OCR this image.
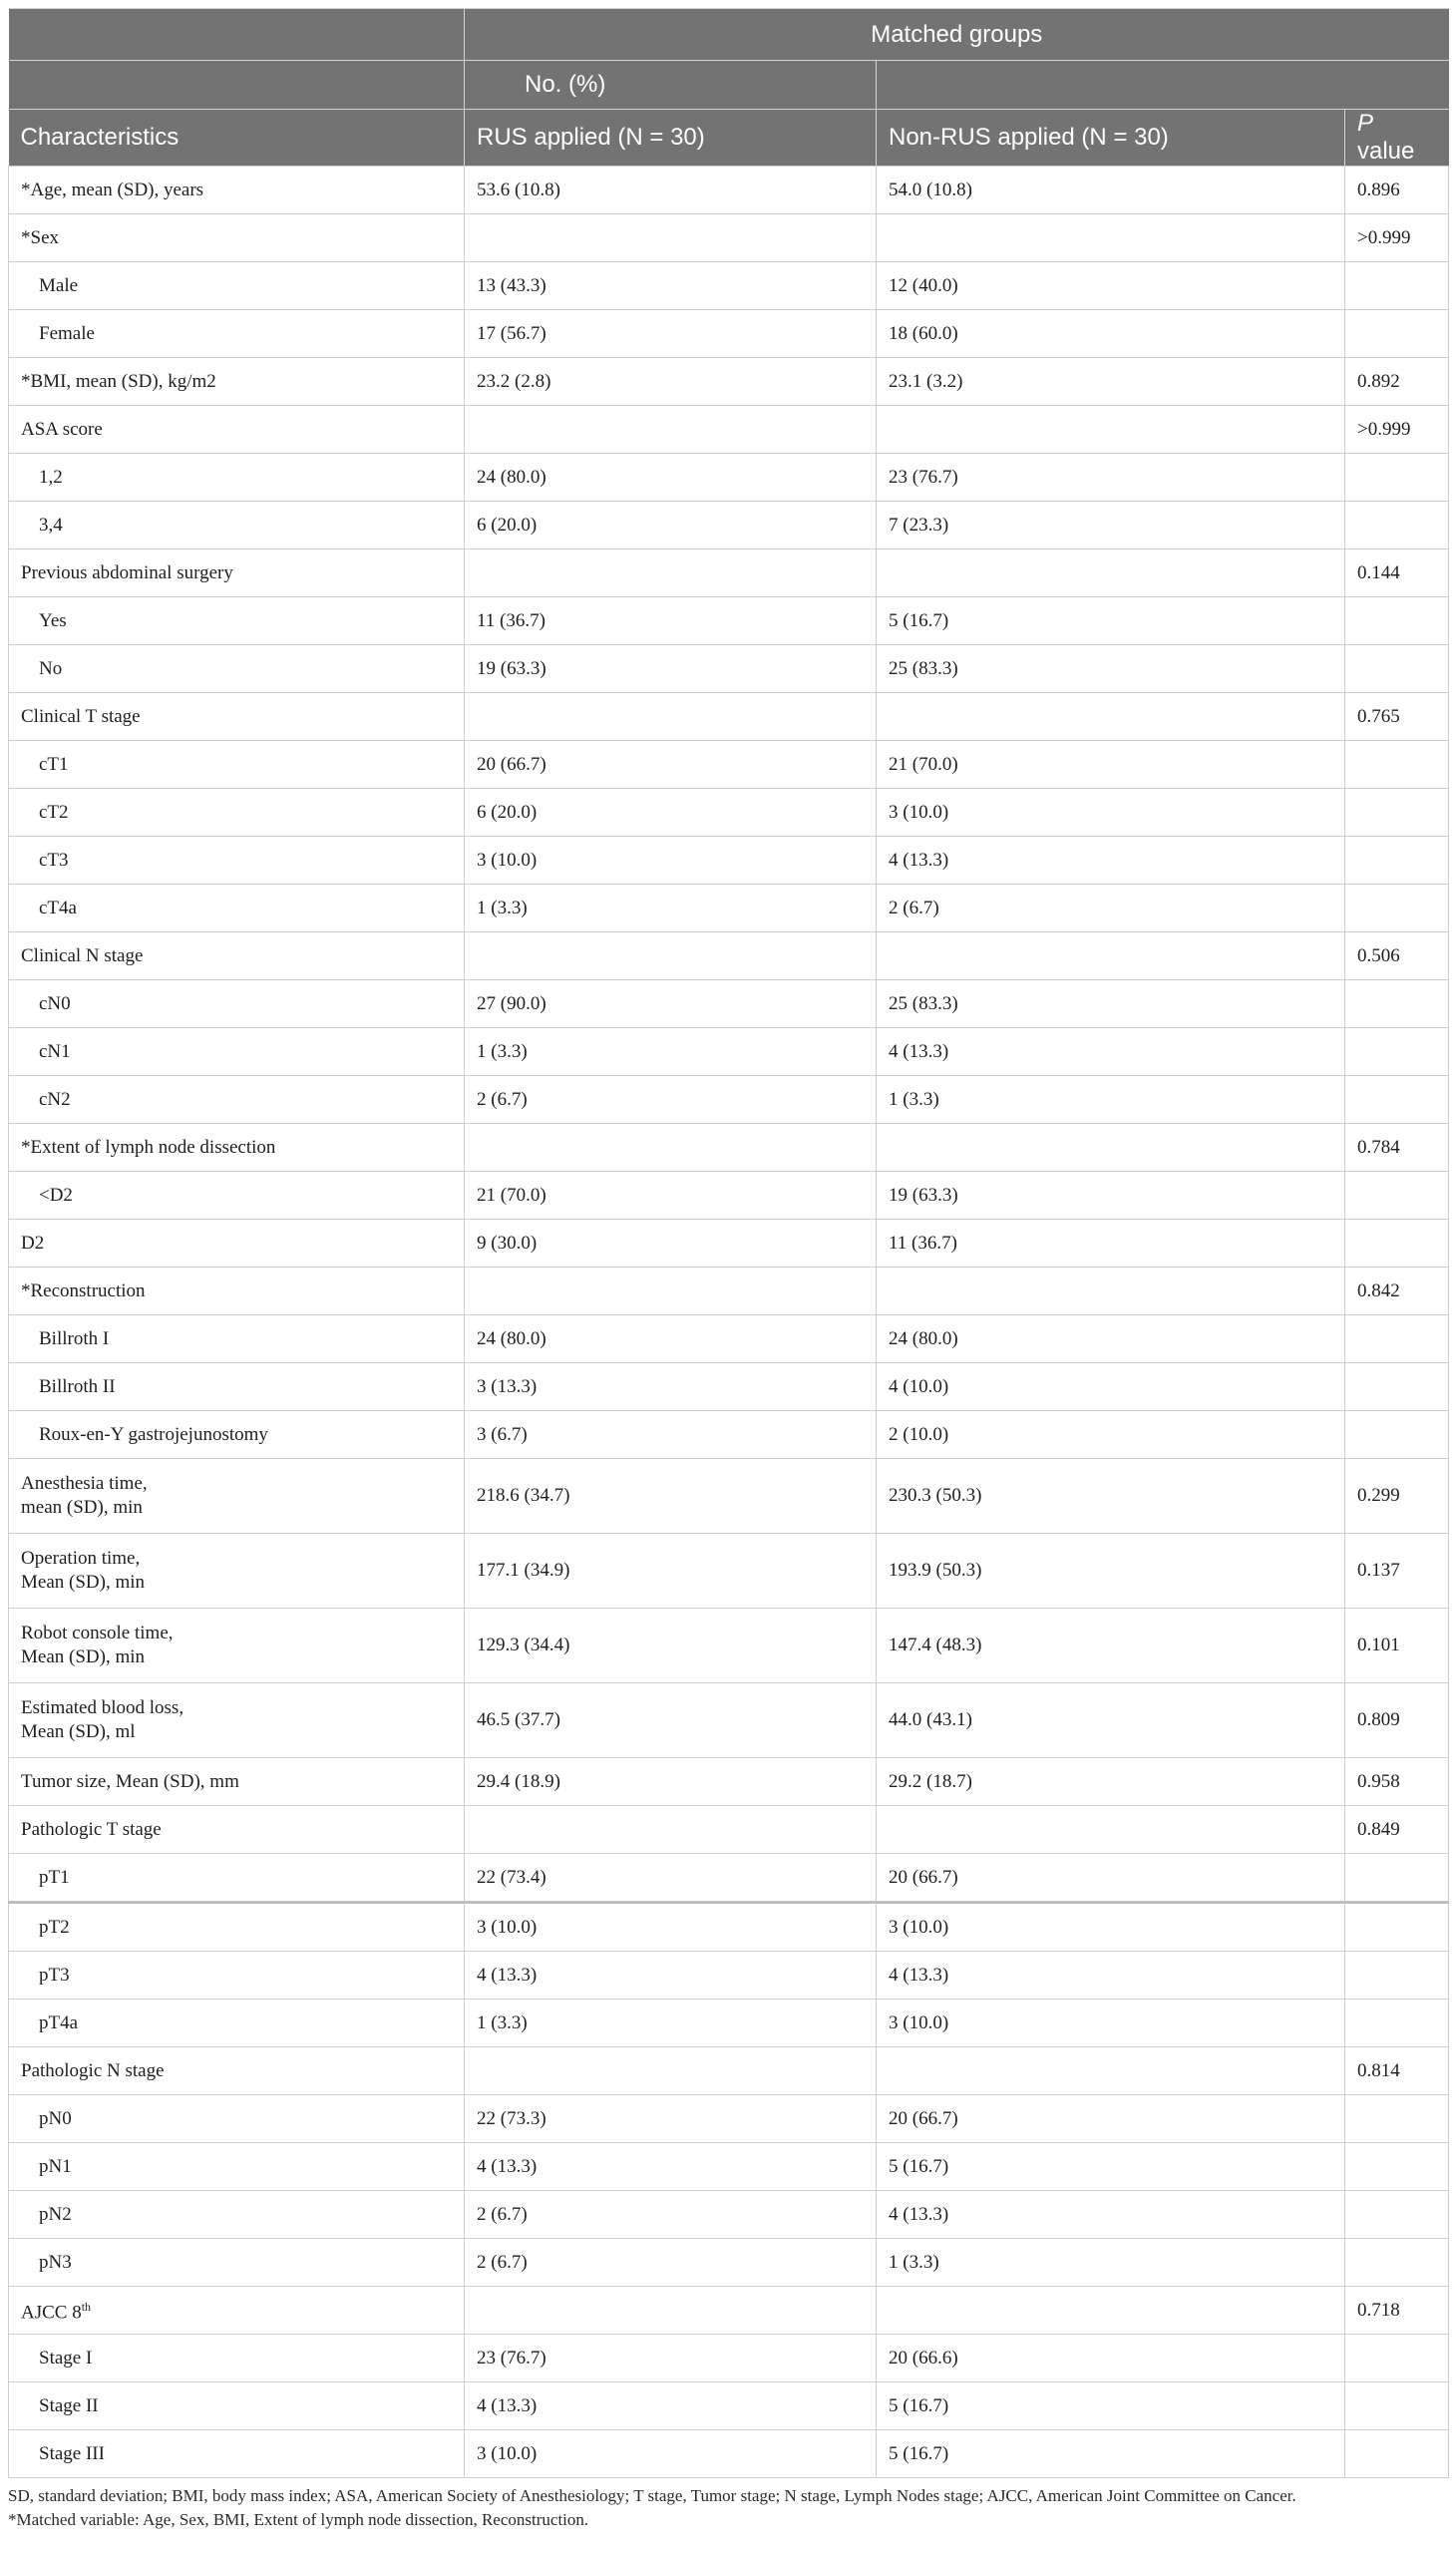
	Matched groups		
	No. (%)		
Characteristics	RUS applied (N = 30)	Non-RUS applied (N = 30)	P value
*Age, mean (SD), years	53.6 (10.8)	54.0 (10.8)	0.896
*Sex			>0.999
Male	13 (43.3)	12 (40.0)	
Female	17 (56.7)	18 (60.0)	
*BMI, mean (SD), kg/m2	23.2 (2.8)	23.1 (3.2)	0.892
ASA score			>0.999
1,2	24 (80.0)	23 (76.7)	
3,4	6 (20.0)	7 (23.3)	
Previous abdominal surgery			0.144
Yes	11 (36.7)	5 (16.7)	
No	19 (63.3)	25 (83.3)	
Clinical T stage			0.765
cT1	20 (66.7)	21 (70.0)	
cT2	6 (20.0)	3 (10.0)	
cT3	3 (10.0)	4 (13.3)	
cT4a	1 (3.3)	2 (6.7)	
Clinical N stage			0.506
cN0	27 (90.0)	25 (83.3)	
cN1	1 (3.3)	4 (13.3)	
cN2	2 (6.7)	1 (3.3)	
*Extent of lymph node dissection			0.784
<D2	21 (70.0)	19 (63.3)	
D2	9 (30.0)	11 (36.7)	
*Reconstruction			0.842
Billroth I	24 (80.0)	24 (80.0)	
Billroth II	3 (13.3)	4 (10.0)	
Roux-en-Y gastrojejunostomy	3 (6.7)	2 (10.0)	
Anesthesia time,
mean (SD), min	218.6 (34.7)	230.3 (50.3)	0.299
Operation time,
Mean (SD), min	177.1 (34.9)	193.9 (50.3)	0.137
Robot console time,
Mean (SD), min	129.3 (34.4)	147.4 (48.3)	0.101
Estimated blood loss,
Mean (SD), ml	46.5 (37.7)	44.0 (43.1)	0.809
Tumor size, Mean (SD), mm	29.4 (18.9)	29.2 (18.7)	0.958
Pathologic T stage			0.849
pT1	22 (73.4)	20 (66.7)	
pT2	3 (10.0)	3 (10.0)	
pT3	4 (13.3)	4 (13.3)	
pT4a	1 (3.3)	3 (10.0)	
Pathologic N stage			0.814
pN0	22 (73.3)	20 (66.7)	
pN1	4 (13.3)	5 (16.7)	
pN2	2 (6.7)	4 (13.3)	
pN3	2 (6.7)	1 (3.3)	
AJCC 8th			0.718
Stage I	23 (76.7)	20 (66.6)	
Stage II	4 (13.3)	5 (16.7)	
Stage III	3 (10.0)	5 (16.7)	

SD, standard deviation; BMI, body mass index; ASA, American Society of Anesthesiology; T stage, Tumor stage; N stage, Lymph Nodes stage; AJCC, American Joint Committee on Cancer.

*Matched variable: Age, Sex, BMI, Extent of lymph node dissection, Reconstruction.
